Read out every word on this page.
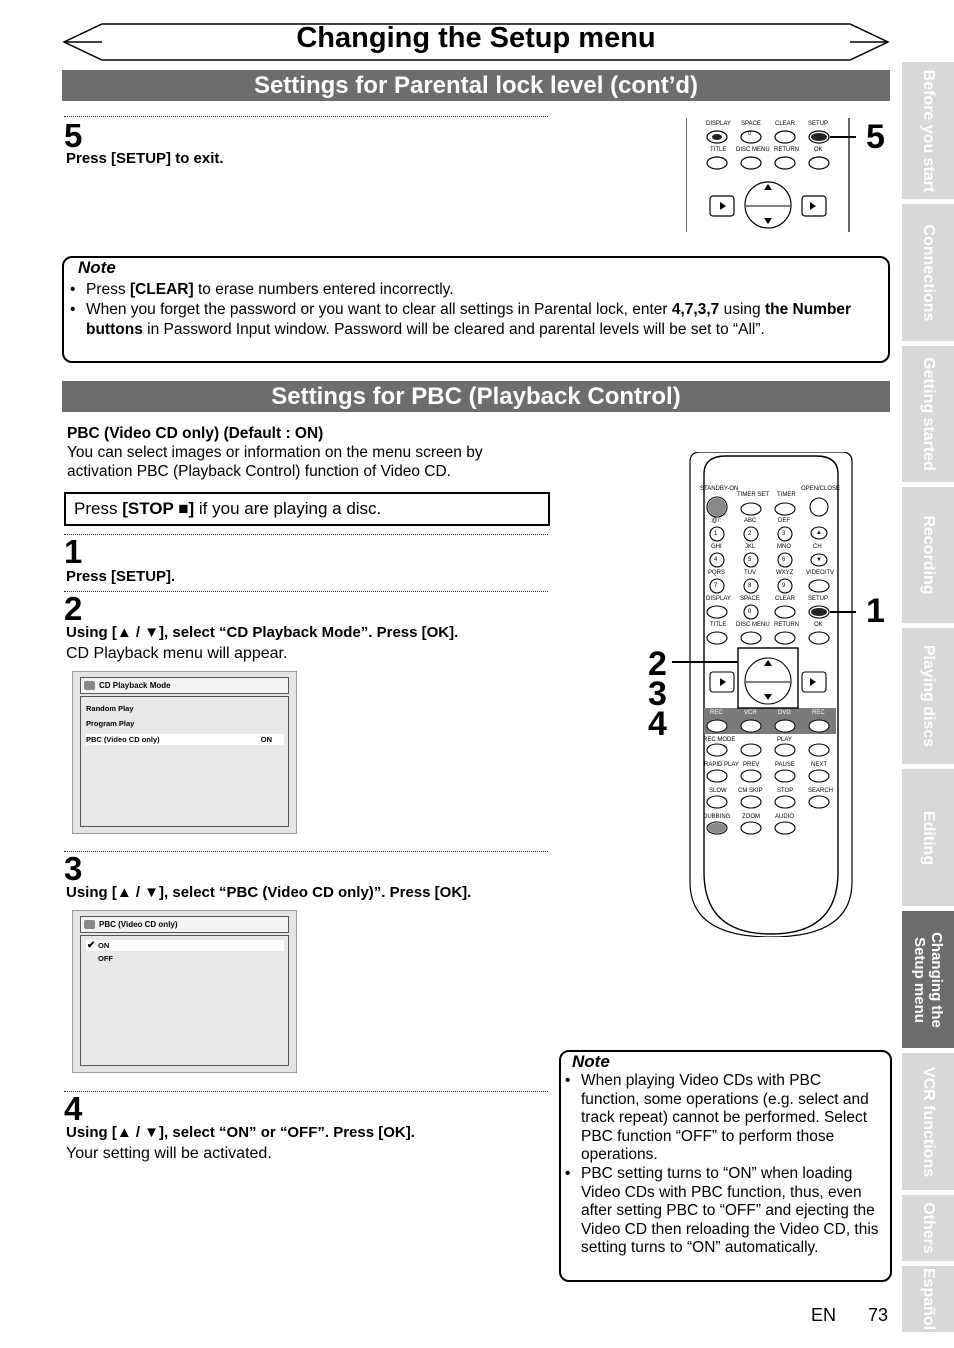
Changing the Setup menu
Settings for Parental lock level (cont’d)
5
Press [SETUP] to exit.
DISPLAY SPACE CLEAR SETUP
0
TITLE DISC MENU RETURN	OK 5
Note
• Press [CLEAR] to erase numbers entered incorrectly.
• When you forget the password or you want to clear all settings in Parental lock, enter 4,7,3,7 using the Number buttons in Password Input window. Password will be cleared and parental levels will be set to “All”.
Settings for PBC (Playback Control)
PBC (Video CD only) (Default : ON)
You can select images or information on the menu screen by activation PBC (Playback Control) function of Video CD.
Press [STOP ■] if you are playing a disc.
1
Press [SETUP].
2
Using [▲ / ▼], select “CD Playback Mode”. Press [OK].
CD Playback menu will appear.
CD Playback Mode
Random Play
Program Play
PBC (Video CD only)	ON
3
Using [▲ / ▼], select “PBC (Video CD only)”. Press [OK].
PBC (Video CD only)
✔ ON
OFF
4
Using [▲ / ▼], select “ON” or “OFF”. Press [OK].
Your setting will be activated.
STANDBY-ON
TIMER SET TIMER
OPEN/CLOSE
.@/:	ABC	DEF
CH
GHI	JKL	MNO
PQRS	TUV	WXYZ VIDEO/TV
DISPLAY SPACE	CLEAR SETUP
1	2	3	▲
4	5	6	▼
7	8	9
0
TITLE DISC MENU RETURN	OK
REC	VCR	DVD	REC
REC MODE	PLAY
RAPID PLAY PREV	PAUSE	NEXT
SLOW CM SKIP STOP SEARCH
DUBBING ZOOM	AUDIO
1
2
3
4
Note
• When playing Video CDs with PBC function, some operations (e.g. select and track repeat) cannot be performed. Select PBC function “OFF” to perform those operations.
• PBC setting turns to “ON” when loading Video CDs with PBC function, thus, even after setting PBC to “OFF” and ejecting the Video CD then reloading the Video CD, this setting turns to “ON” automatically.
EN 73
Before you start
Connections
Getting started
Recording
Playing discs
Editing
Changing the Setup menu
VCR functions
Others
Español
